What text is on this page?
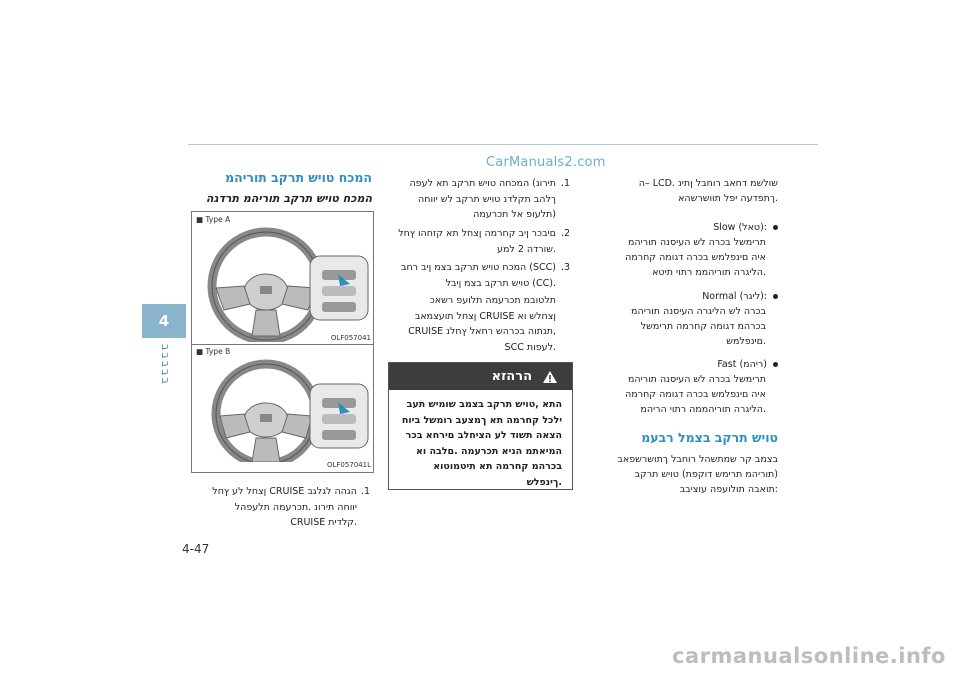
CarManuals2.com
4
בבבבב
4-47
המכח טויש תרקב תוריהמ
המכח טויש תרקב תוריהמ תרדגה
■ Type A
OLF057041
■ Type B
OLF057041L
.1
הגהה לגלגב CRUISE ןצחל לע ץחל
יווחה תירונ .תכרעמה תלעפהל
.קלדית CRUISE
.1
תירונ) המכחה טויש תרקב תא לעפה
ךלהב תקלדנ טויש תרקב לש יווחה
(תלעופ אל תכרעמה
.2
םיבכר ןיב קחרמה ןצחל תא קזחהו ץחל
.שורדה 2 למע
.3
(SCC) המכח טויש תרקב בצמ ןיב רחב
.(CC) טויש תרקב בצמ ןיבל
תלטובמ תכרעמה תלועפ רשאכ
ןצחלש וא CRUISE ןצחל תועצמאב
,תנתוה בכרהש רחאל ץחלנ CRUISE
.לעפות SCC
הרהזא
התא ,טויש תרקב בצמב שומיש תעב
ילכל קחרמה תא ךמצעב רומשל ביוח
הצאה תשוד לע הציחלב םירחא בכר
המיאתמ הניא תכרעמה .םלבה וא
בכרהמ קחרמה תא תיטמוטוא
.ךינפלש
שולשמ דחאב רוחבל ןתינ .LCD –ה
.ךתפדעה יפל תוושרשהא
:(טאל) Slow
תרימשל בכרה לש העיסנה תוריהמ
איה םינפלמש בכרה דגומה קחרמה
.הליגרה תוריהממ רתוי תיטא
:(ליגר) Normal
בכרה לש הליגרה העיסנה תוריהמ
בכרהמ דגומה קחרמה תרימשל
.םינפלמש
(ריהמ) Fast
תרימשל בכרה לש העיסנה תוריהמ
איה םינפלמש בכרה דגומה קחרמה
.הליגרה תוריהממה רתוי הריהמ
טויש תרקב בצמל רבעמ
בצמב קר שמתשהל רוחבל ךתושרשפאב
(תוריהמ תרימש דוקפת) טויש תרקב
:תואבה תולועפה עוציבב
carmanualsonline.info
